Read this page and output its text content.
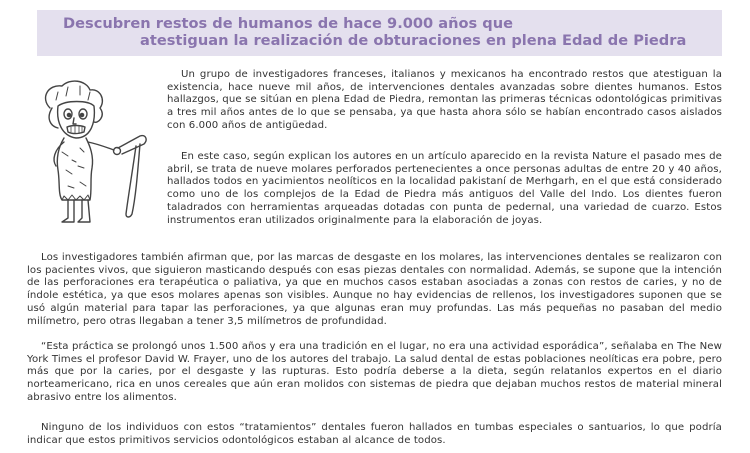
Descubren restos de humanos de hace 9.000 años que
atestiguan la realización de obturaciones en plena Edad de Piedra

Un grupo de investigadores franceses, italianos y mexicanos ha encontrado restos que atestiguan la existencia, hace nueve mil años, de intervenciones dentales avanzadas sobre dientes humanos. Estos hallazgos, que se sitúan en plena Edad de Piedra, remontan las primeras técnicas odontológicas primitivas a tres mil años antes de lo que se pensaba, ya que hasta ahora sólo se habían encontrado casos aislados con 6.000 años de antigüedad.

En este caso, según explican los autores en un artículo aparecido en la revista Nature el pasado mes de abril, se trata de nueve molares perforados pertenecientes a once personas adultas de entre 20 y 40 años, hallados todos en yacimientos neolíticos en la localidad pakistaní de Merhgarh, en el que está considerado como uno de los complejos de la Edad de Piedra más antiguos del Valle del Indo. Los dientes fueron taladrados con herramientas arqueadas dotadas con punta de pedernal, una variedad de cuarzo. Estos instrumentos eran utilizados originalmente para la elaboración de joyas.

Los investigadores también afirman que, por las marcas de desgaste en los molares, las intervenciones dentales se realizaron con los pacientes vivos, que siguieron masticando después con esas piezas dentales con normalidad. Además, se supone que la intención de las perforaciones era terapéutica o paliativa, ya que en muchos casos estaban asociadas a zonas con restos de caries, y no de índole estética, ya que esos molares apenas son visibles. Aunque no hay evidencias de rellenos, los investigadores suponen que se usó algún material para tapar las perforaciones, ya que algunas eran muy profundas. Las más pequeñas no pasaban del medio milímetro, pero otras llegaban a tener 3,5 milímetros de profundidad.

“Esta práctica se prolongó unos 1.500 años y era una tradición en el lugar, no era una actividad esporádica”, señalaba en The New York Times el profesor David W. Frayer, uno de los autores del trabajo. La salud dental de estas poblaciones neolíticas era pobre, pero más que por la caries, por el desgaste y las rupturas. Esto podría deberse a la dieta, según relatanlos expertos en el diario norteamericano, rica en unos cereales que aún eran molidos con sistemas de piedra que dejaban muchos restos de material mineral abrasivo entre los alimentos.

Ninguno de los individuos con estos “tratamientos” dentales fueron hallados en tumbas especiales o santuarios, lo que podría indicar que estos primitivos servicios odontológicos estaban al alcance de todos.
